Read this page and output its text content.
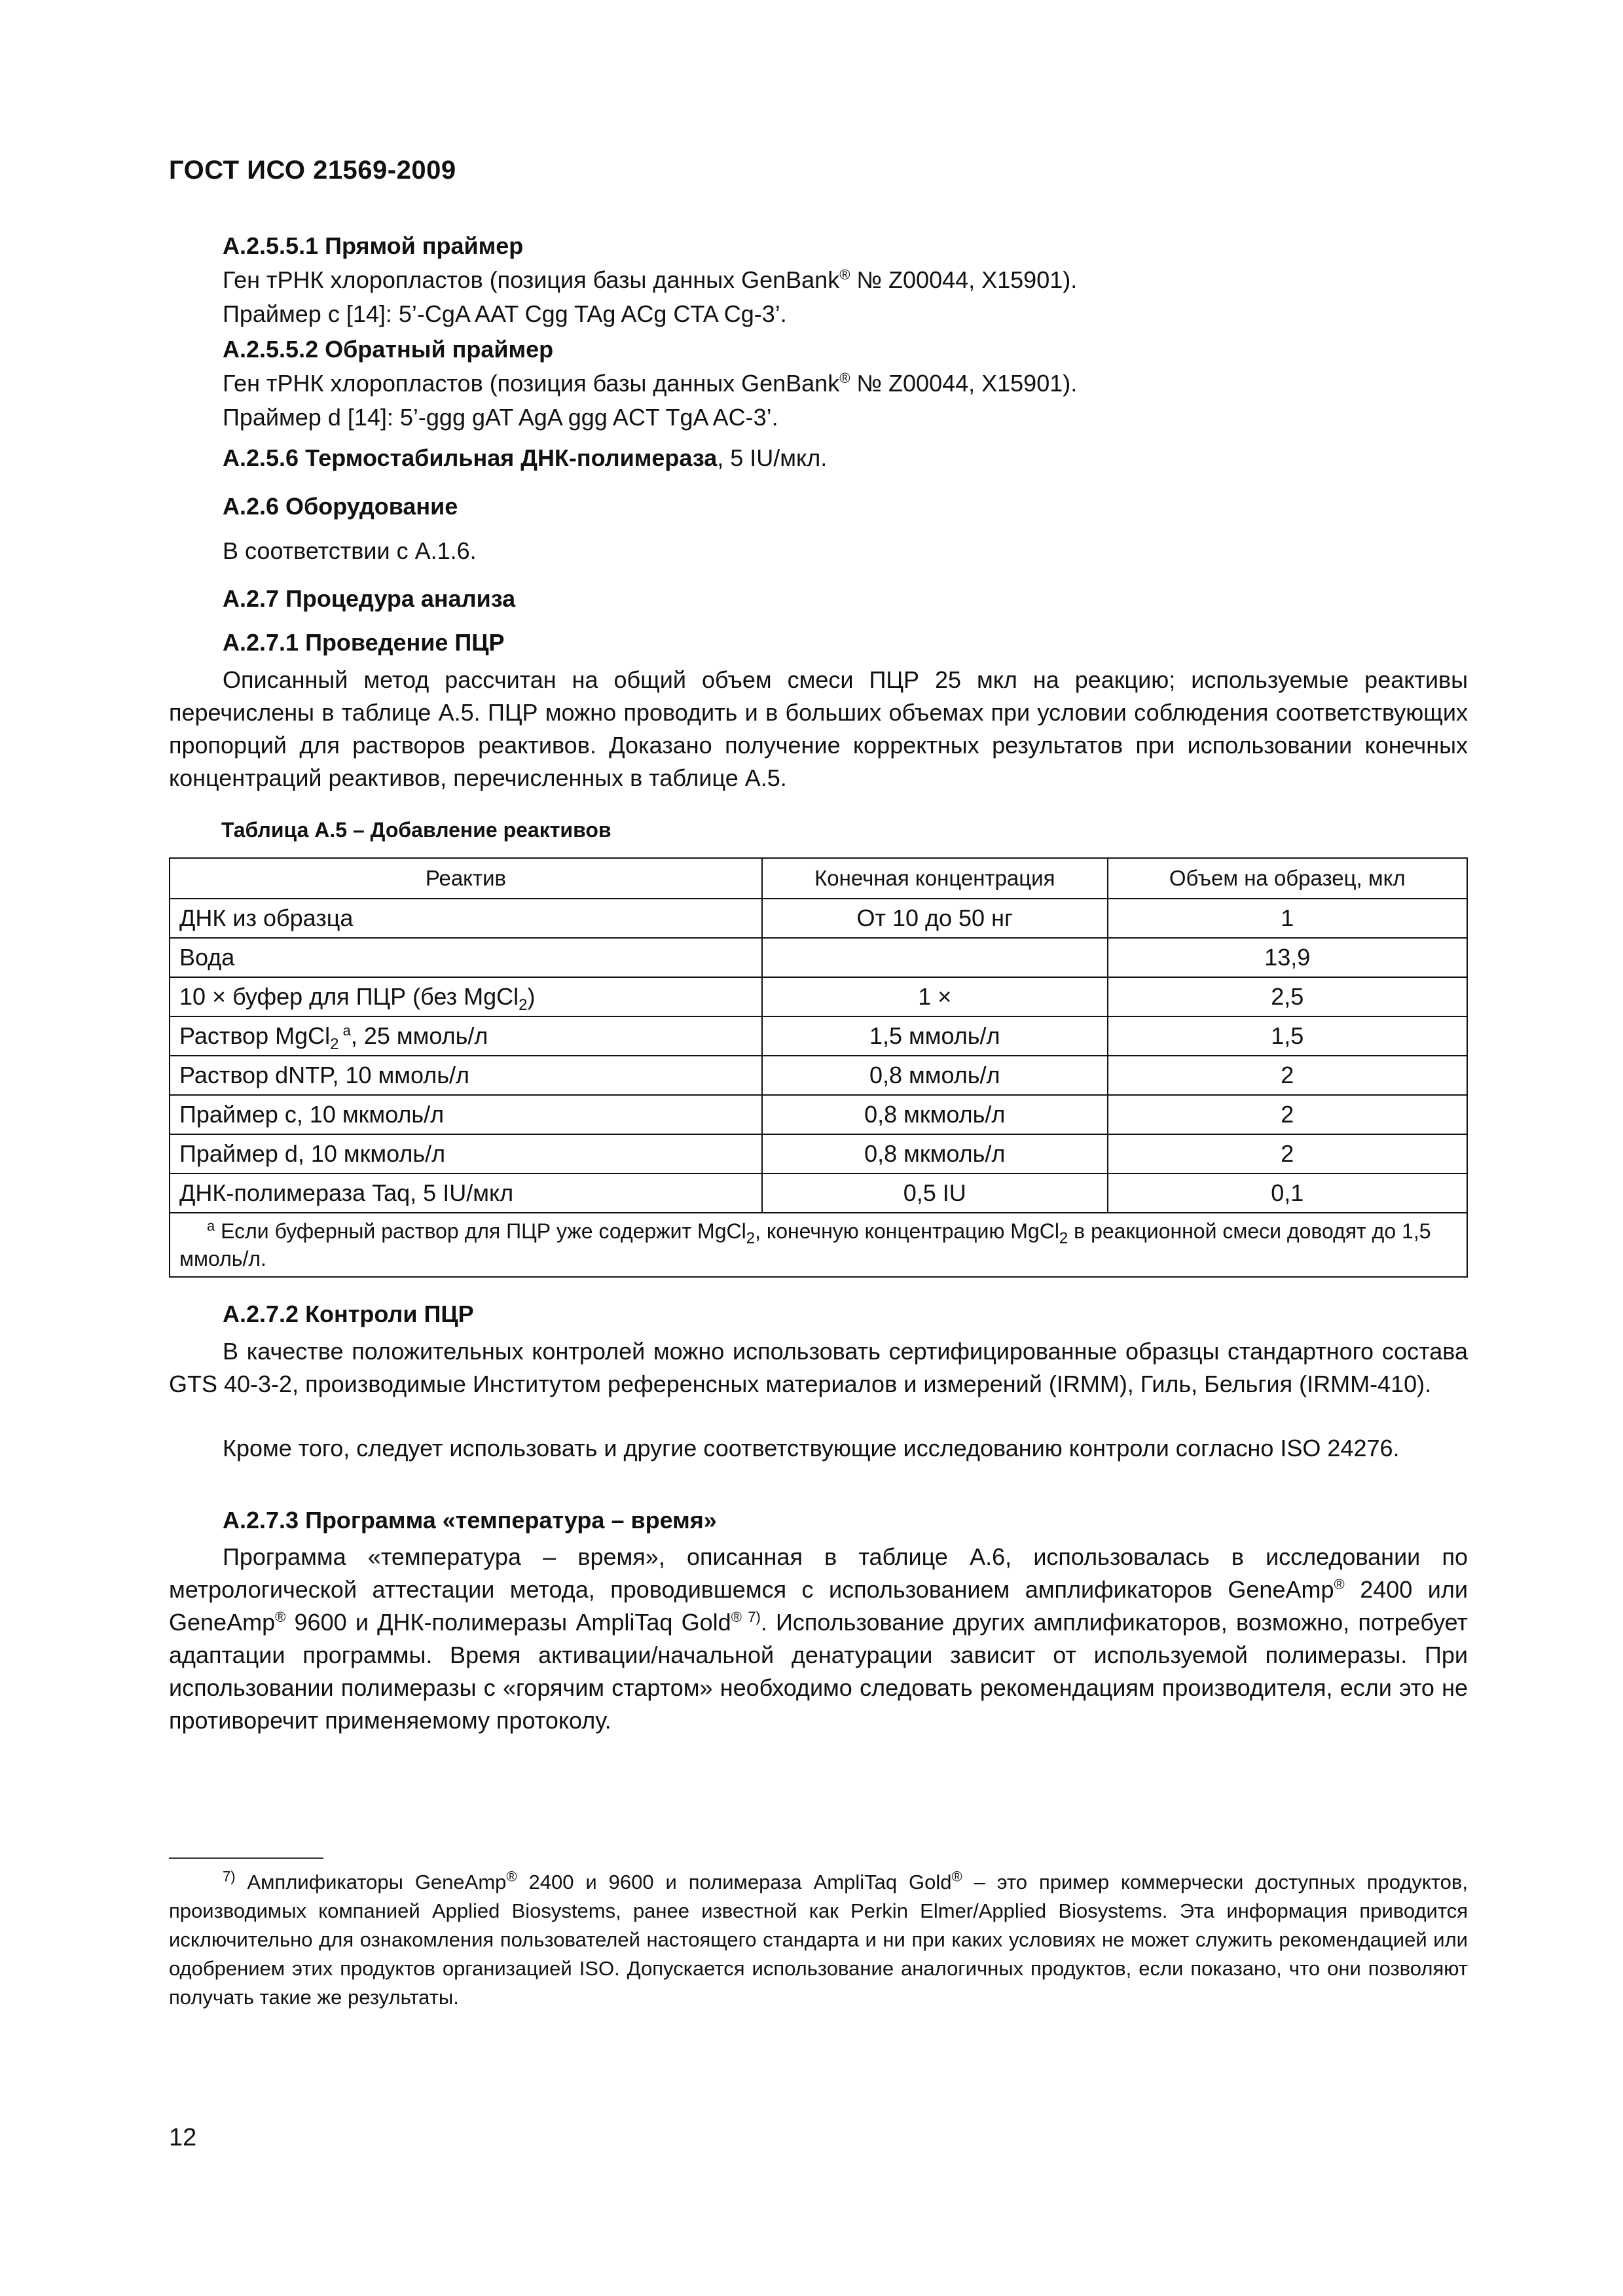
ГОСТ ИСО 21569-2009
А.2.5.5.1 Прямой праймер
Ген тРНК хлоропластов (позиция базы данных GenBank® № Z00044, X15901).
Праймер c [14]: 5’-CgA AAT Cgg TAg ACg CTA Cg-3’.
А.2.5.5.2 Обратный праймер
Ген тРНК хлоропластов (позиция базы данных GenBank® № Z00044, X15901).
Праймер d [14]: 5’-ggg gAT AgA ggg ACT TgA AC-3’.
А.2.5.6 Термостабильная ДНК-полимераза, 5 IU/мкл.
А.2.6 Оборудование
В соответствии с А.1.6.
А.2.7 Процедура анализа
А.2.7.1 Проведение ПЦР
Описанный метод рассчитан на общий объем смеси ПЦР 25 мкл на реакцию; используемые реактивы перечислены в таблице А.5. ПЦР можно проводить и в больших объемах при условии соблюдения соответствующих пропорций для растворов реактивов. Доказано получение корректных результатов при использовании конечных концентраций реактивов, перечисленных в таблице А.5.
Таблица А.5 – Добавление реактивов
Реактив	Конечная концентрация	Объем на образец, мкл
ДНК из образца	От 10 до 50 нг	1
Вода		13,9
10 × буфер для ПЦР (без MgCl$_2$)	1 ×	2,5
Раствор MgCl$_2$ $^a$, 25 ммоль/л	1,5 ммоль/л	1,5
Раствор dNTP, 10 ммоль/л	0,8 ммоль/л	2
Праймер c, 10 мкмоль/л	0,8 мкмоль/л	2
Праймер d, 10 мкмоль/л	0,8 мкмоль/л	2
ДНК-полимераза Taq, 5 IU/мкл	0,5 IU	0,1
$^a$ Если буферный раствор для ПЦР уже содержит MgCl$_2$, конечную концентрацию MgCl$_2$ в реакционной смеси доводят до 1,5 ммоль/л.		
А.2.7.2 Контроли ПЦР
В качестве положительных контролей можно использовать сертифицированные образцы стандартного состава GTS 40-3-2, производимые Институтом референсных материалов и измерений (IRMM), Гиль, Бельгия (IRMM-410).
Кроме того, следует использовать и другие соответствующие исследованию контроли согласно ISO 24276.
А.2.7.3 Программа «температура – время»
Программа «температура – время», описанная в таблице А.6, использовалась в исследовании по метрологической аттестации метода, проводившемся с использованием амплификаторов GeneAmp® 2400 или GeneAmp® 9600 и ДНК-полимеразы AmpliTaq Gold® $^{7)}$. Использование других амплификаторов, возможно, потребует адаптации программы. Время активации/начальной денатурации зависит от используемой полимеразы. При использовании полимеразы с «горячим стартом» необходимо следовать рекомендациям производителя, если это не противоречит применяемому протоколу.
$^{7)}$ Амплификаторы GeneAmp® 2400 и 9600 и полимераза AmpliTaq Gold® – это пример коммерчески доступных продуктов, производимых компанией Applied Biosystems, ранее известной как Perkin Elmer/Applied Biosystems. Эта информация приводится исключительно для ознакомления пользователей настоящего стандарта и ни при каких условиях не может служить рекомендацией или одобрением этих продуктов организацией ISO. Допускается использование аналогичных продуктов, если показано, что они позволяют получать такие же результаты.
12
